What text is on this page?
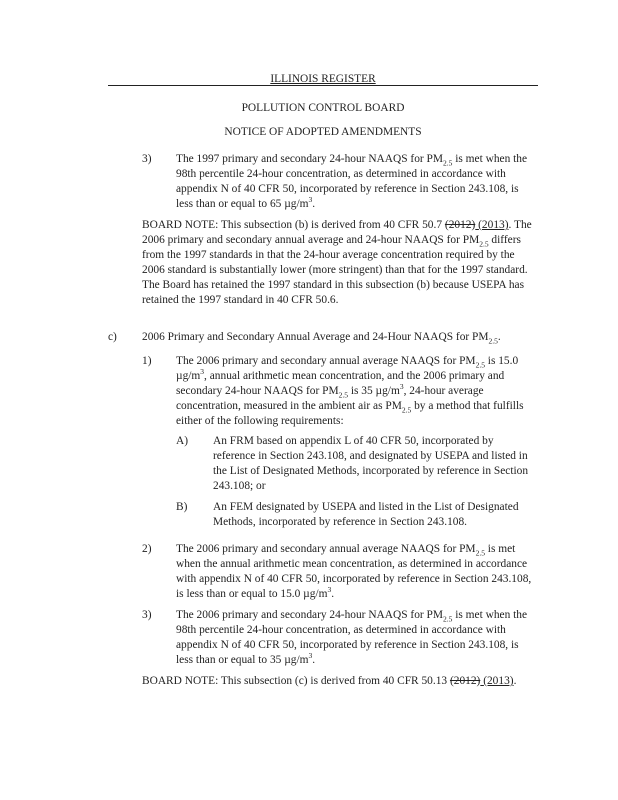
ILLINOIS REGISTER
POLLUTION CONTROL BOARD
NOTICE OF ADOPTED AMENDMENTS
3) The 1997 primary and secondary 24-hour NAAQS for $PM_{2.5}$ is met when the 98th percentile 24-hour concentration, as determined in accordance with appendix N of 40 CFR 50, incorporated by reference in Section 243.108, is less than or equal to 65 $\mu g/m^3$.
BOARD NOTE: This subsection (b) is derived from 40 CFR 50.7 (2012) (2013). The 2006 primary and secondary annual average and 24-hour NAAQS for $PM_{2.5}$ differs from the 1997 standards in that the 24-hour average concentration required by the 2006 standard is substantially lower (more stringent) than that for the 1997 standard. The Board has retained the 1997 standard in this subsection (b) because USEPA has retained the 1997 standard in 40 CFR 50.6.
c) 2006 Primary and Secondary Annual Average and 24-Hour NAAQS for $PM_{2.5}$.
1) The 2006 primary and secondary annual average NAAQS for $PM_{2.5}$ is 15.0 $\mu g/m^3$, annual arithmetic mean concentration, and the 2006 primary and secondary 24-hour NAAQS for $PM_{2.5}$ is 35 $\mu g/m^3$, 24-hour average concentration, measured in the ambient air as $PM_{2.5}$ by a method that fulfills either of the following requirements:
A) An FRM based on appendix L of 40 CFR 50, incorporated by reference in Section 243.108, and designated by USEPA and listed in the List of Designated Methods, incorporated by reference in Section 243.108; or
B) An FEM designated by USEPA and listed in the List of Designated Methods, incorporated by reference in Section 243.108.
2) The 2006 primary and secondary annual average NAAQS for $PM_{2.5}$ is met when the annual arithmetic mean concentration, as determined in accordance with appendix N of 40 CFR 50, incorporated by reference in Section 243.108, is less than or equal to 15.0 $\mu g/m^3$.
3) The 2006 primary and secondary 24-hour NAAQS for $PM_{2.5}$ is met when the 98th percentile 24-hour concentration, as determined in accordance with appendix N of 40 CFR 50, incorporated by reference in Section 243.108, is less than or equal to 35 $\mu g/m^3$.
BOARD NOTE: This subsection (c) is derived from 40 CFR 50.13 (2012) (2013).
